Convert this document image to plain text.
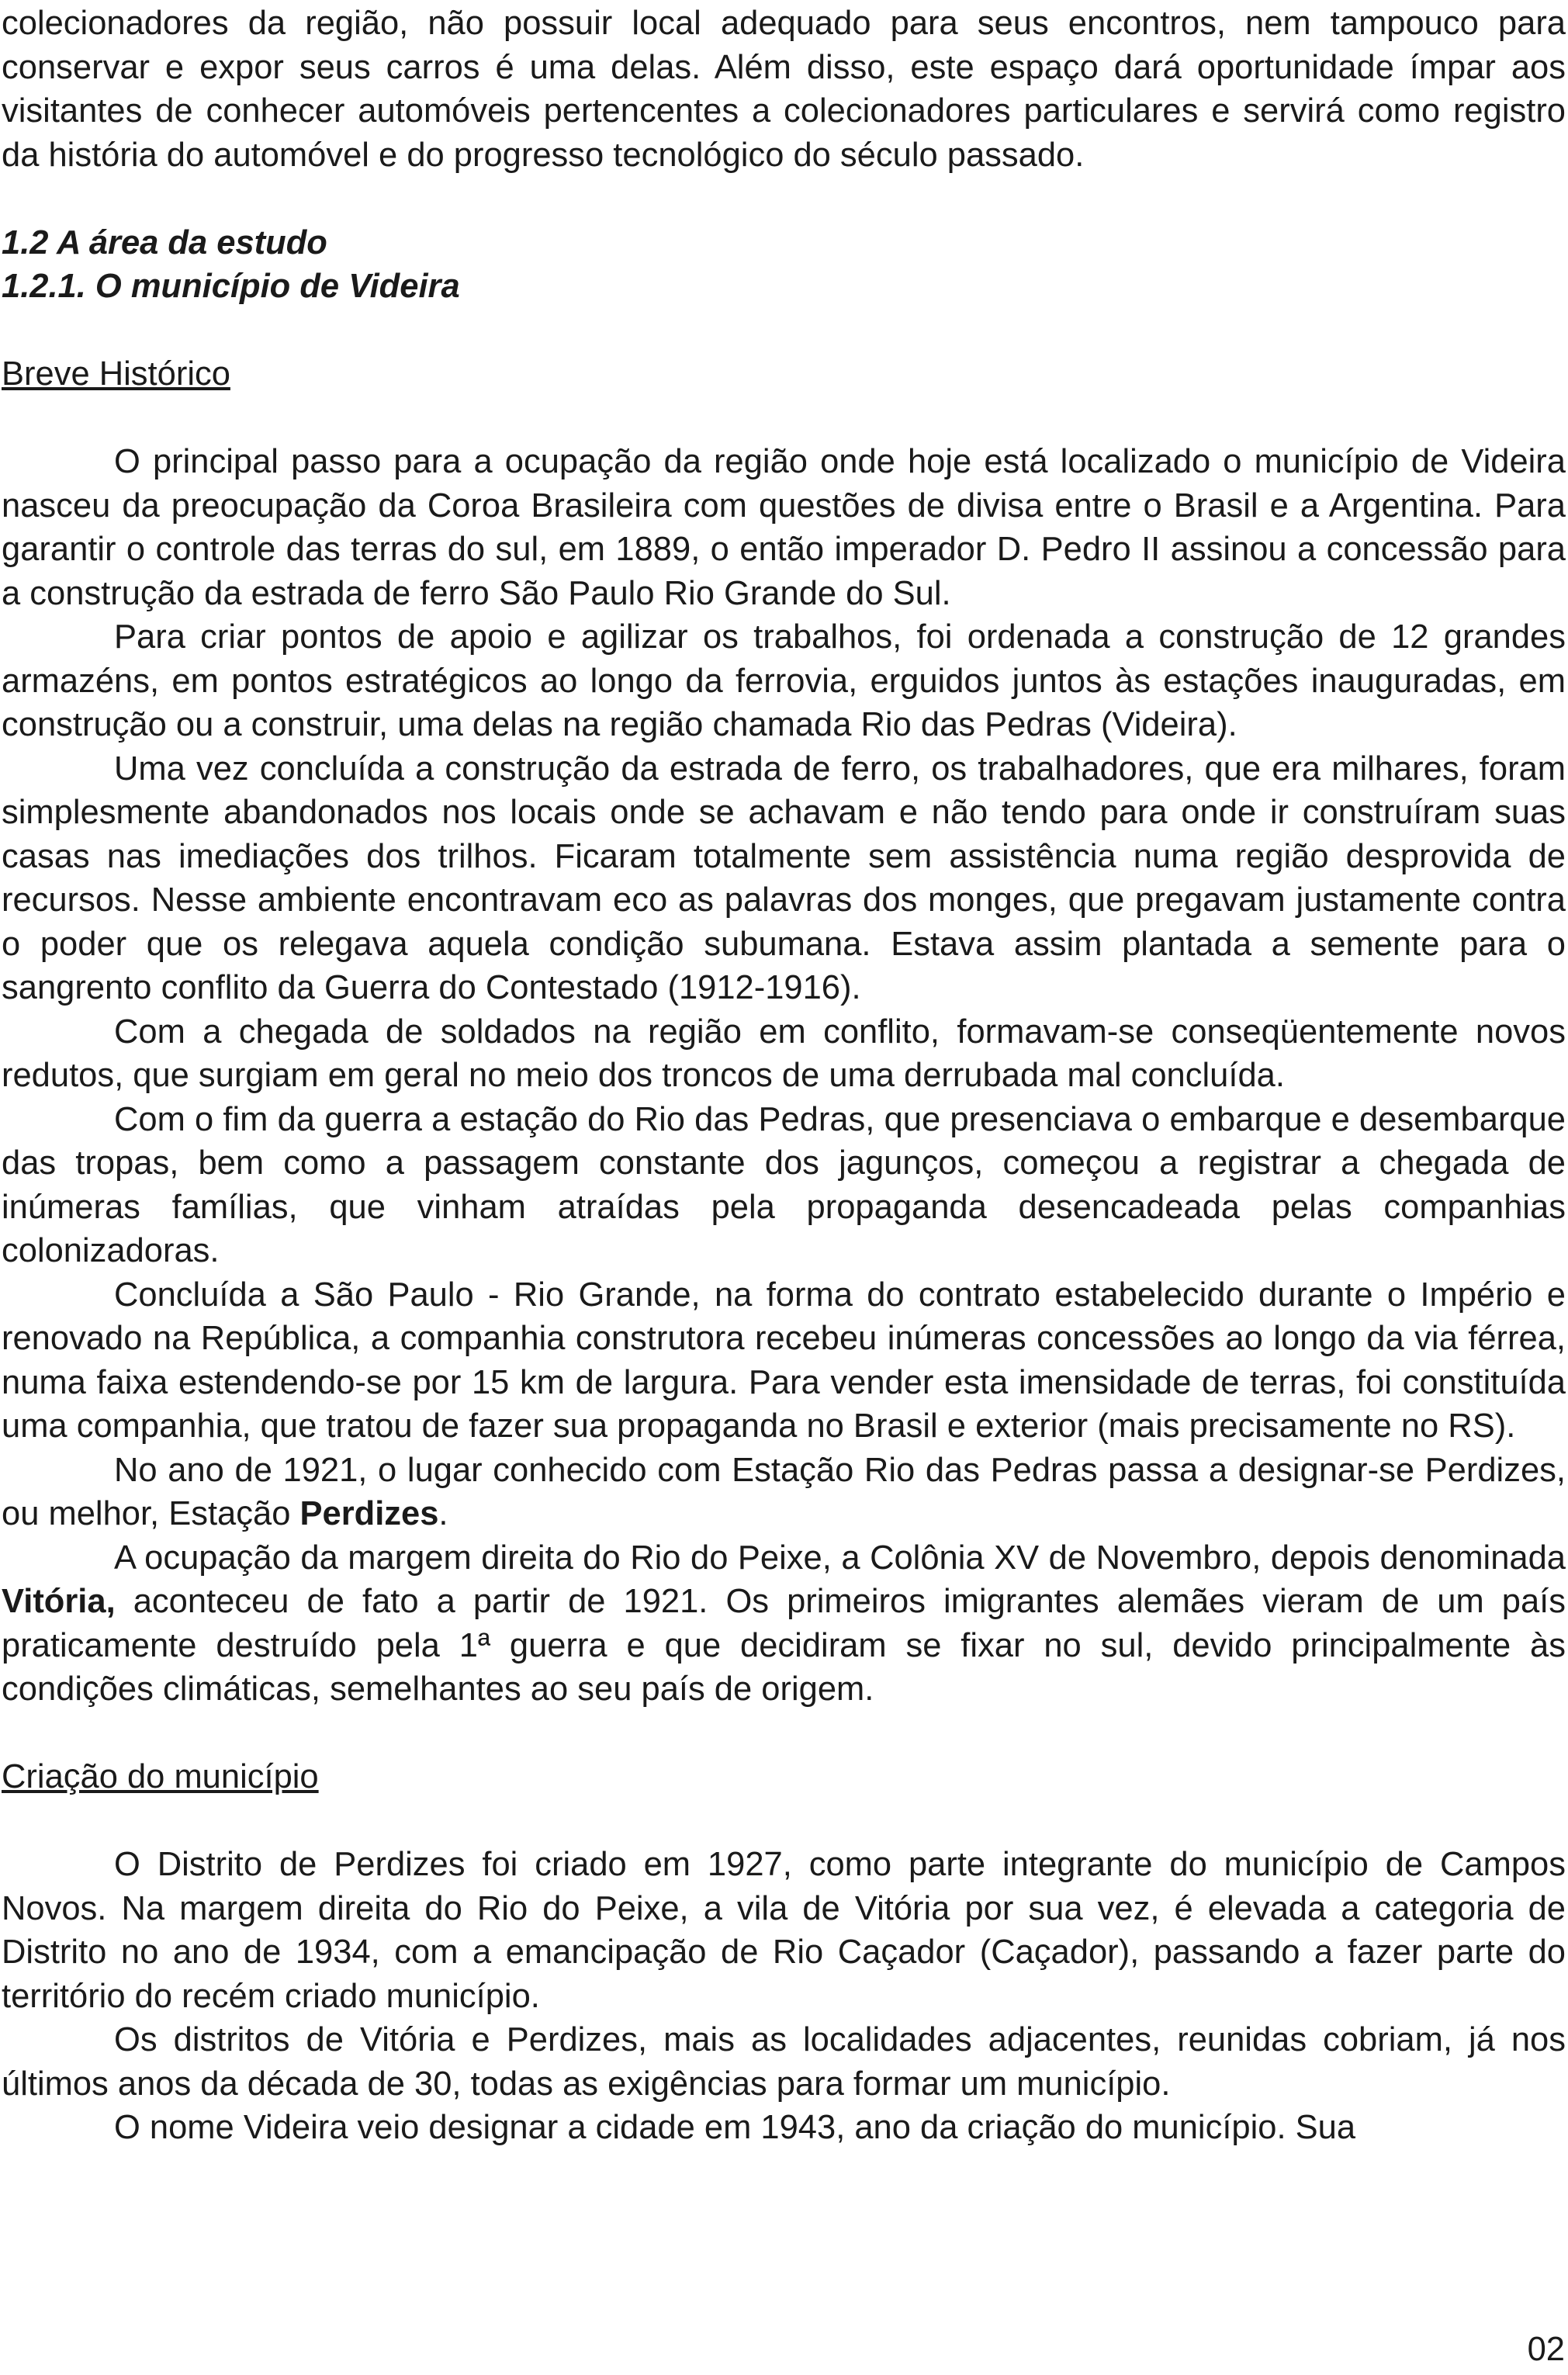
colecionadores da região, não possuir local adequado para seus encontros, nem tampouco para conservar e expor seus carros é uma delas. Além disso, este espaço dará oportunidade ímpar aos visitantes de conhecer automóveis pertencentes a colecionadores particulares e servirá como registro da história do automóvel e do progresso tecnológico do século passado.

1.2 A área da estudo

1.2.1. O município de Videira

Breve Histórico

O principal passo para a ocupação da região onde hoje está localizado o município de Videira nasceu da preocupação da Coroa Brasileira com questões de divisa entre o Brasil e a Argentina. Para garantir o controle das terras do sul, em 1889, o então imperador D. Pedro II assinou a concessão para a construção da estrada de ferro São Paulo Rio Grande do Sul.

Para criar pontos de apoio e agilizar os trabalhos, foi ordenada a construção de 12 grandes armazéns, em pontos estratégicos ao longo da ferrovia, erguidos juntos às estações inauguradas, em construção ou a construir, uma delas na região chamada Rio das Pedras (Videira).

Uma vez concluída a construção da estrada de ferro, os trabalhadores, que era milhares, foram simplesmente abandonados nos locais onde se achavam e não tendo para onde ir construíram suas casas nas imediações dos trilhos. Ficaram totalmente sem assistência numa região desprovida de recursos. Nesse ambiente encontravam eco as palavras dos monges, que pregavam justamente contra o poder que os relegava aquela condição subumana. Estava assim plantada a semente para o sangrento conflito da Guerra do Contestado (1912-1916).

Com a chegada de soldados na região em conflito, formavam-se conseqüentemente novos redutos, que surgiam em geral no meio dos troncos de uma derrubada mal concluída.

Com o fim da guerra a estação do Rio das Pedras, que presenciava o embarque e desembarque das tropas, bem como a passagem constante dos jagunços, começou a registrar a chegada de inúmeras famílias, que vinham atraídas pela propaganda desencadeada pelas companhias colonizadoras.

Concluída a São Paulo - Rio Grande, na forma do contrato estabelecido durante o Império e renovado na República, a companhia construtora recebeu inúmeras concessões ao longo da via férrea, numa faixa estendendo-se por 15 km de largura. Para vender esta imensidade de terras, foi constituída uma companhia, que tratou de fazer sua propaganda no Brasil e exterior (mais precisamente no RS).

No ano de 1921, o lugar conhecido com Estação Rio das Pedras passa a designar-se Perdizes, ou melhor, Estação Perdizes.

A ocupação da margem direita do Rio do Peixe, a Colônia XV de Novembro, depois denominada Vitória, aconteceu de fato a partir de 1921. Os primeiros imigrantes alemães vieram de um país praticamente destruído pela 1ª guerra e que decidiram se fixar no sul, devido principalmente às condições climáticas, semelhantes ao seu país de origem.

Criação do município

O Distrito de Perdizes foi criado em 1927, como parte integrante do município de Campos Novos. Na margem direita do Rio do Peixe, a vila de Vitória por sua vez, é elevada a categoria de Distrito no ano de 1934, com a emancipação de Rio Caçador (Caçador), passando a fazer parte do território do recém criado município.

Os distritos de Vitória e Perdizes, mais as localidades adjacentes, reunidas cobriam, já nos últimos anos da década de 30, todas as exigências para formar um município.

O nome Videira veio designar a cidade em 1943, ano da criação do município. Sua

02
